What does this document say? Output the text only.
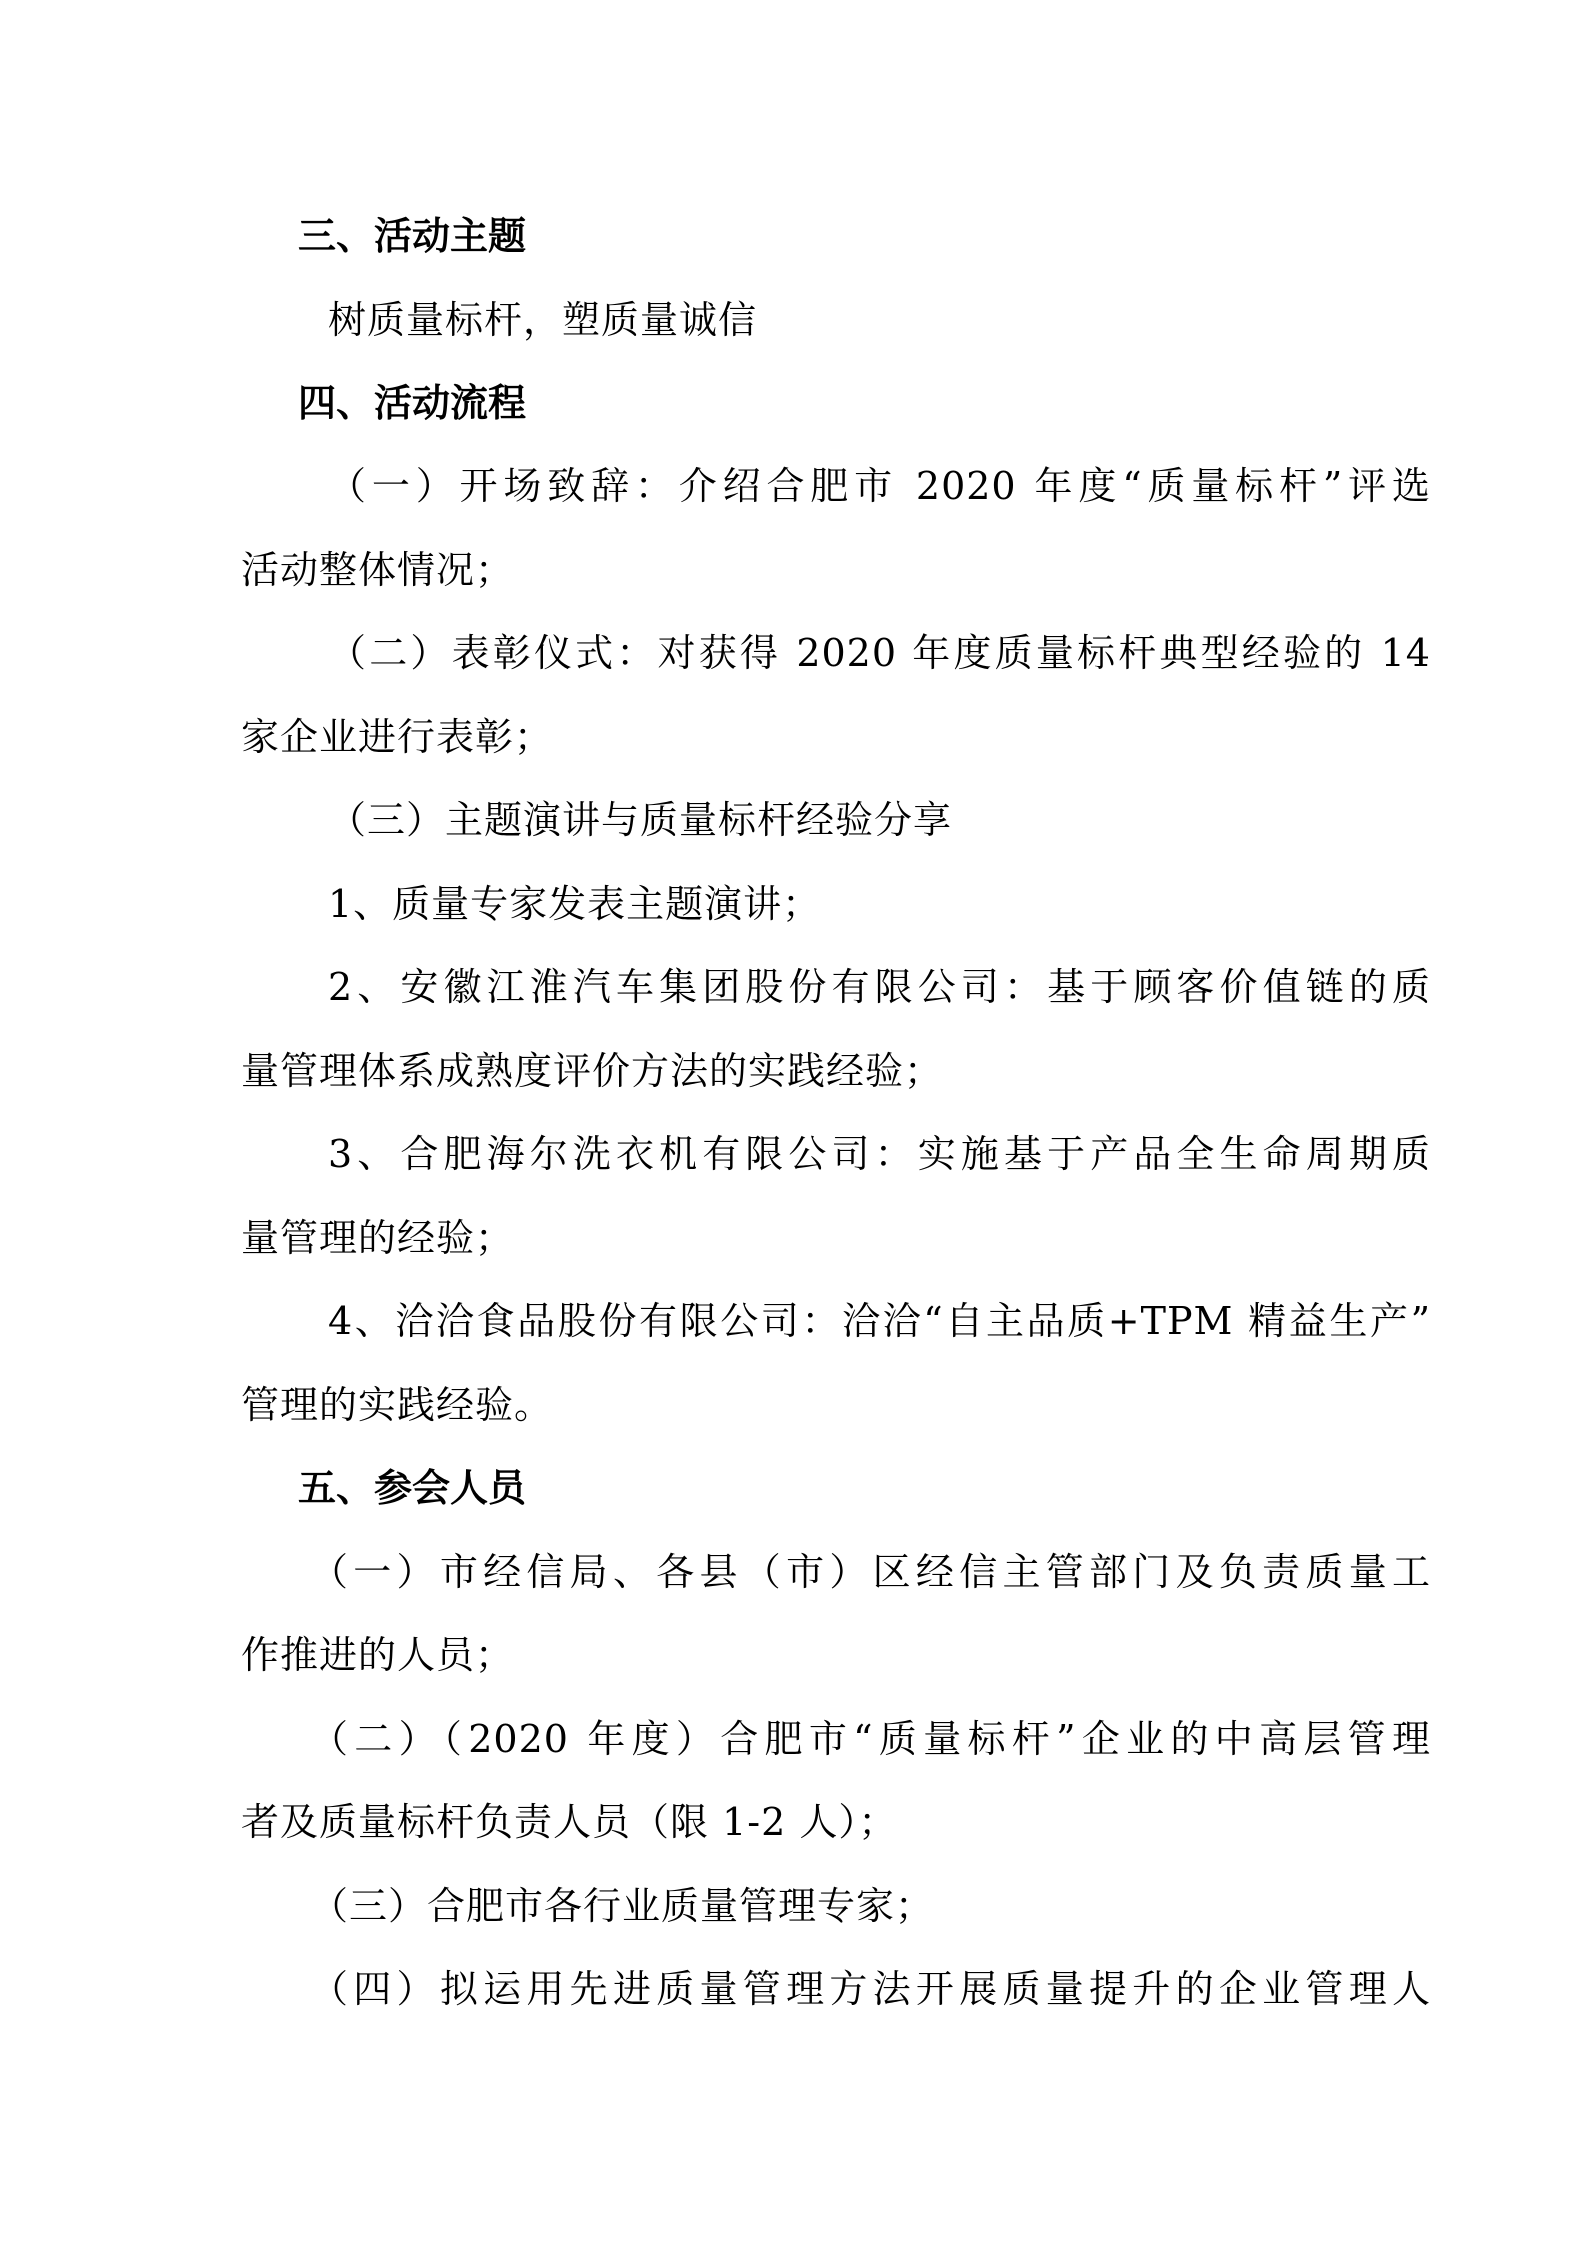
三、活动主题
树质量标杆，塑质量诚信
四、活动流程
（一）开场致辞：介绍合肥市 2020 年度“质量标杆”评选
活动整体情况；
（二）表彰仪式：对获得 2020 年度质量标杆典型经验的 14
家企业进行表彰；
（三）主题演讲与质量标杆经验分享
1、质量专家发表主题演讲；
2、安徽江淮汽车集团股份有限公司：基于顾客价值链的质
量管理体系成熟度评价方法的实践经验；
3、合肥海尔洗衣机有限公司：实施基于产品全生命周期质
量管理的经验；
4、洽洽食品股份有限公司：洽洽“自主品质+TPM 精益生产”
管理的实践经验。
五、参会人员
（一）市经信局、各县（市）区经信主管部门及负责质量工
作推进的人员；
（二）（2020 年度）合肥市“质量标杆”企业的中高层管理
者及质量标杆负责人员（限 1-2 人）；
（三）合肥市各行业质量管理专家；
（四）拟运用先进质量管理方法开展质量提升的企业管理人
